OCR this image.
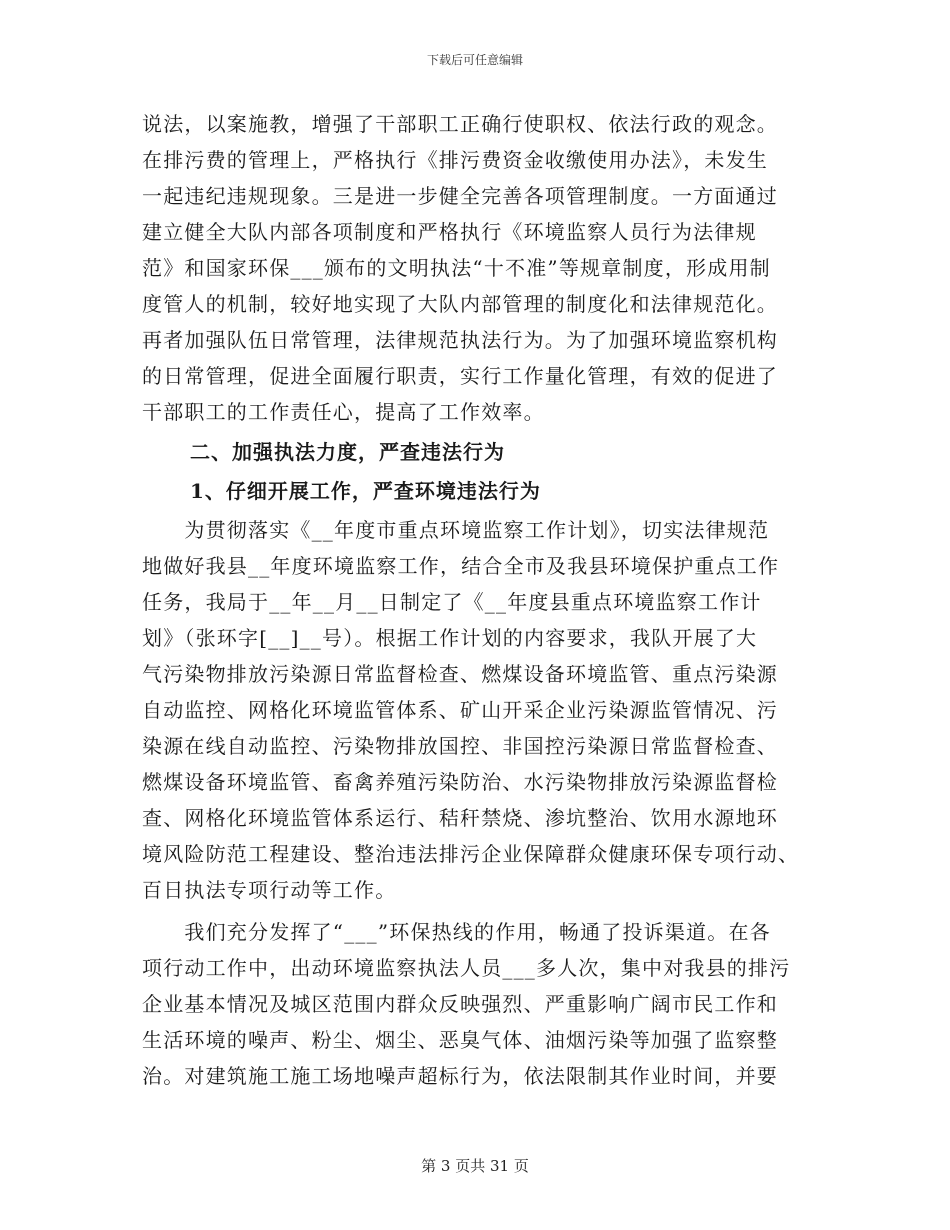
下载后可任意编辑
说法，以案施教，增强了干部职工正确行使职权、依法行政的观念。
在排污费的管理上，严格执行《排污费资金收缴使用办法》，未发生
一起违纪违规现象。三是进一步健全完善各项管理制度。一方面通过
建立健全大队内部各项制度和严格执行《环境监察人员行为法律规
范》和国家环保___颁布的文明执法“十不准”等规章制度，形成用制
度管人的机制，较好地实现了大队内部管理的制度化和法律规范化。
再者加强队伍日常管理，法律规范执法行为。为了加强环境监察机构
的日常管理，促进全面履行职责，实行工作量化管理，有效的促进了
干部职工的工作责任心，提高了工作效率。
二、加强执法力度，严查违法行为
1、仔细开展工作，严查环境违法行为
　　为贯彻落实《__年度市重点环境监察工作计划》，切实法律规范
地做好我县__年度环境监察工作，结合全市及我县环境保护重点工作
任务，我局于__年__月__日制定了《__年度县重点环境监察工作计
划》（张环字[__]__号）。根据工作计划的内容要求，我队开展了大
气污染物排放污染源日常监督检查、燃煤设备环境监管、重点污染源
自动监控、网格化环境监管体系、矿山开采企业污染源监管情况、污
染源在线自动监控、污染物排放国控、非国控污染源日常监督检查、
燃煤设备环境监管、畜禽养殖污染防治、水污染物排放污染源监督检
查、网格化环境监管体系运行、秸秆禁烧、渗坑整治、饮用水源地环
境风险防范工程建设、整治违法排污企业保障群众健康环保专项行动、
百日执法专项行动等工作。
　　我们充分发挥了“___”环保热线的作用，畅通了投诉渠道。在各
项行动工作中，出动环境监察执法人员___多人次，集中对我县的排污
企业基本情况及城区范围内群众反映强烈、严重影响广阔市民工作和
生活环境的噪声、粉尘、烟尘、恶臭气体、油烟污染等加强了监察整
治。对建筑施工施工场地噪声超标行为，依法限制其作业时间，并要
第 3 页共 31 页
